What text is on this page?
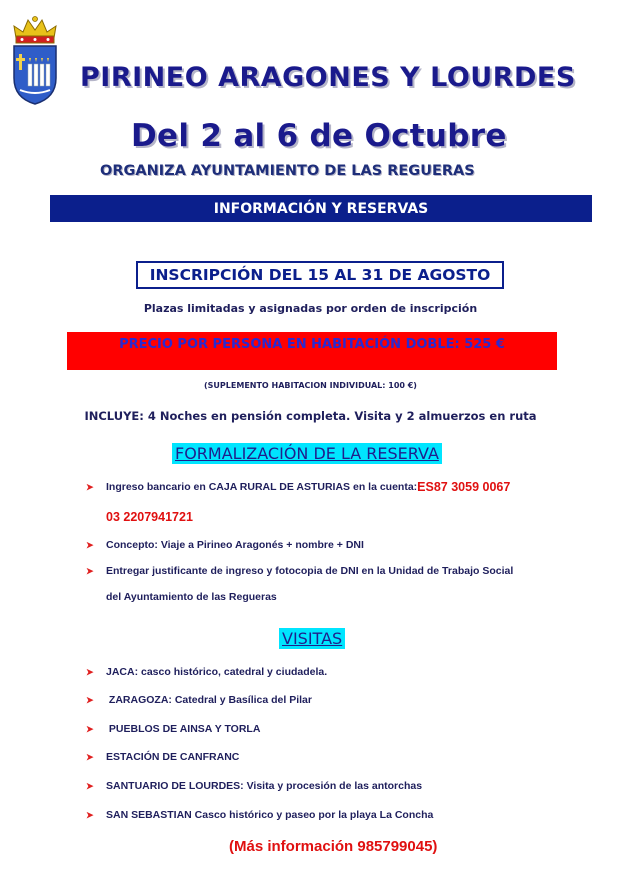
PIRINEO ARAGONES Y LOURDES
Del 2 al 6 de Octubre
ORGANIZA AYUNTAMIENTO DE LAS REGUERAS
INFORMACIÓN Y RESERVAS
INSCRIPCIÓN DEL 15 AL 31 DE AGOSTO
Plazas limitadas y asignadas por orden de inscripción
PRECIO POR PERSONA EN HABITACIÓN DOBLE: 525 €
(SUPLEMENTO HABITACION INDIVIDUAL: 100 €)
INCLUYE: 4 Noches en pensión completa. Visita y 2 almuerzos en ruta
FORMALIZACIÓN DE LA RESERVA
➤	Ingreso bancario en CAJA RURAL DE ASTURIAS en la cuenta: ES87 3059 0067
03 2207941721
➤	Concepto: Viaje a Pirineo Aragonés + nombre + DNI
➤	Entregar justificante de ingreso y fotocopia de DNI en la Unidad de Trabajo Social
del Ayuntamiento de las Regueras
VISITAS
➤	JACA: casco histórico, catedral y ciudadela.
➤	ZARAGOZA: Catedral y Basílica del Pilar
➤	PUEBLOS DE AINSA Y TORLA
➤	ESTACIÓN DE CANFRANC
➤	SANTUARIO DE LOURDES: Visita y procesión de las antorchas
➤	SAN SEBASTIAN Casco histórico y paseo por la playa La Concha
(Más información 985799045)
